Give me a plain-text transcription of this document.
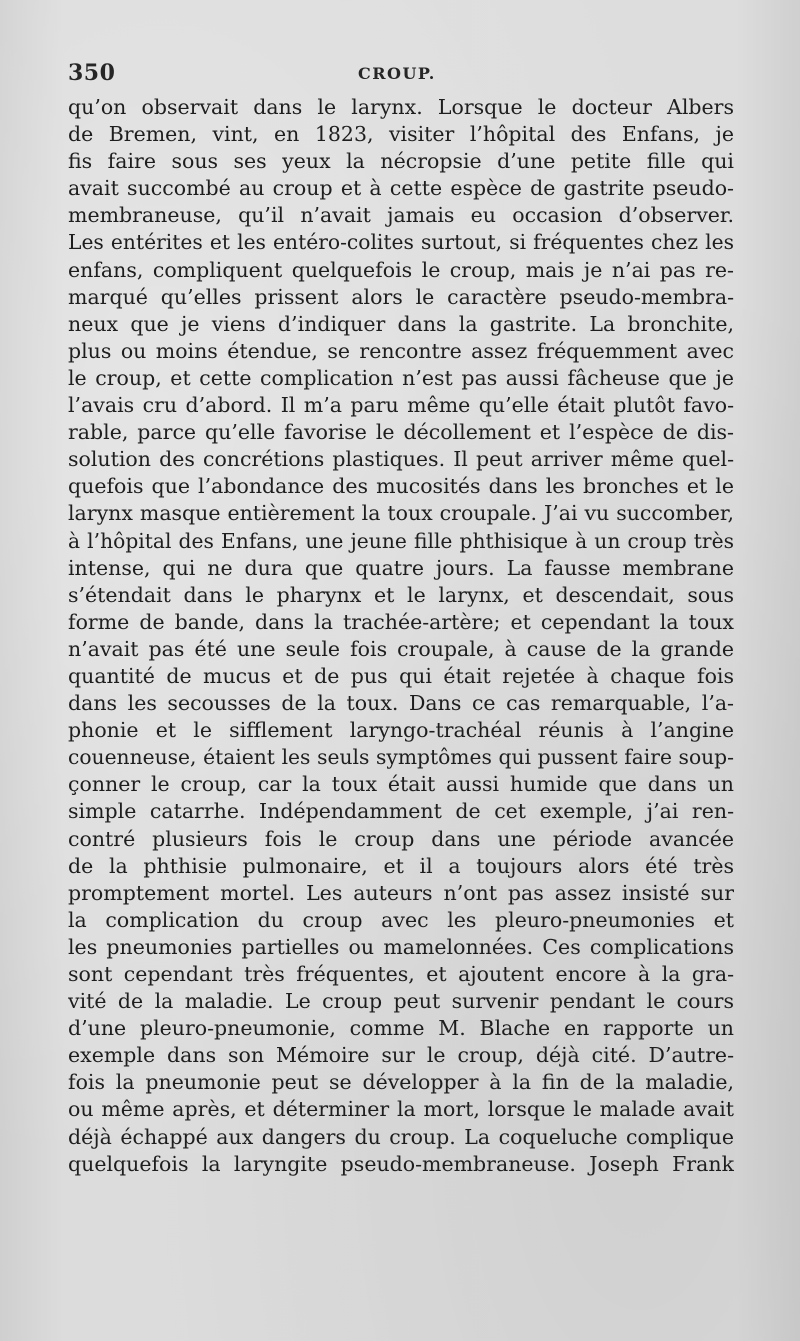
350	CROUP.
qu’on observait dans le larynx. Lorsque le docteur Albers
de Bremen, vint, en 1823, visiter l’hôpital des Enfans, je
fis faire sous ses yeux la nécropsie d’une petite fille qui
avait succombé au croup et à cette espèce de gastrite pseudo-
membraneuse, qu’il n’avait jamais eu occasion d’observer.
Les entérites et les entéro-colites surtout, si fréquentes chez les
enfans, compliquent quelquefois le croup, mais je n’ai pas re-
marqué qu’elles prissent alors le caractère pseudo-membra-
neux que je viens d’indiquer dans la gastrite. La bronchite,
plus ou moins étendue, se rencontre assez fréquemment avec
le croup, et cette complication n’est pas aussi fâcheuse que je
l’avais cru d’abord. Il m’a paru même qu’elle était plutôt favo-
rable, parce qu’elle favorise le décollement et l’espèce de dis-
solution des concrétions plastiques. Il peut arriver même quel-
quefois que l’abondance des mucosités dans les bronches et le
larynx masque entièrement la toux croupale. J’ai vu succomber,
à l’hôpital des Enfans, une jeune fille phthisique à un croup très
intense, qui ne dura que quatre jours. La fausse membrane
s’étendait dans le pharynx et le larynx, et descendait, sous
forme de bande, dans la trachée-artère; et cependant la toux
n’avait pas été une seule fois croupale, à cause de la grande
quantité de mucus et de pus qui était rejetée à chaque fois
dans les secousses de la toux. Dans ce cas remarquable, l’a-
phonie et le sifflement laryngo-trachéal réunis à l’angine
couenneuse, étaient les seuls symptômes qui pussent faire soup-
çonner le croup, car la toux était aussi humide que dans un
simple catarrhe. Indépendamment de cet exemple, j’ai ren-
contré plusieurs fois le croup dans une période avancée
de la phthisie pulmonaire, et il a toujours alors été très
promptement mortel. Les auteurs n’ont pas assez insisté sur
la complication du croup avec les pleuro-pneumonies et
les pneumonies partielles ou mamelonnées. Ces complications
sont cependant très fréquentes, et ajoutent encore à la gra-
vité de la maladie. Le croup peut survenir pendant le cours
d’une pleuro-pneumonie, comme M. Blache en rapporte un
exemple dans son Mémoire sur le croup, déjà cité. D’autre-
fois la pneumonie peut se développer à la fin de la maladie,
ou même après, et déterminer la mort, lorsque le malade avait
déjà échappé aux dangers du croup. La coqueluche complique
quelquefois la laryngite pseudo-membraneuse. Joseph Frank
